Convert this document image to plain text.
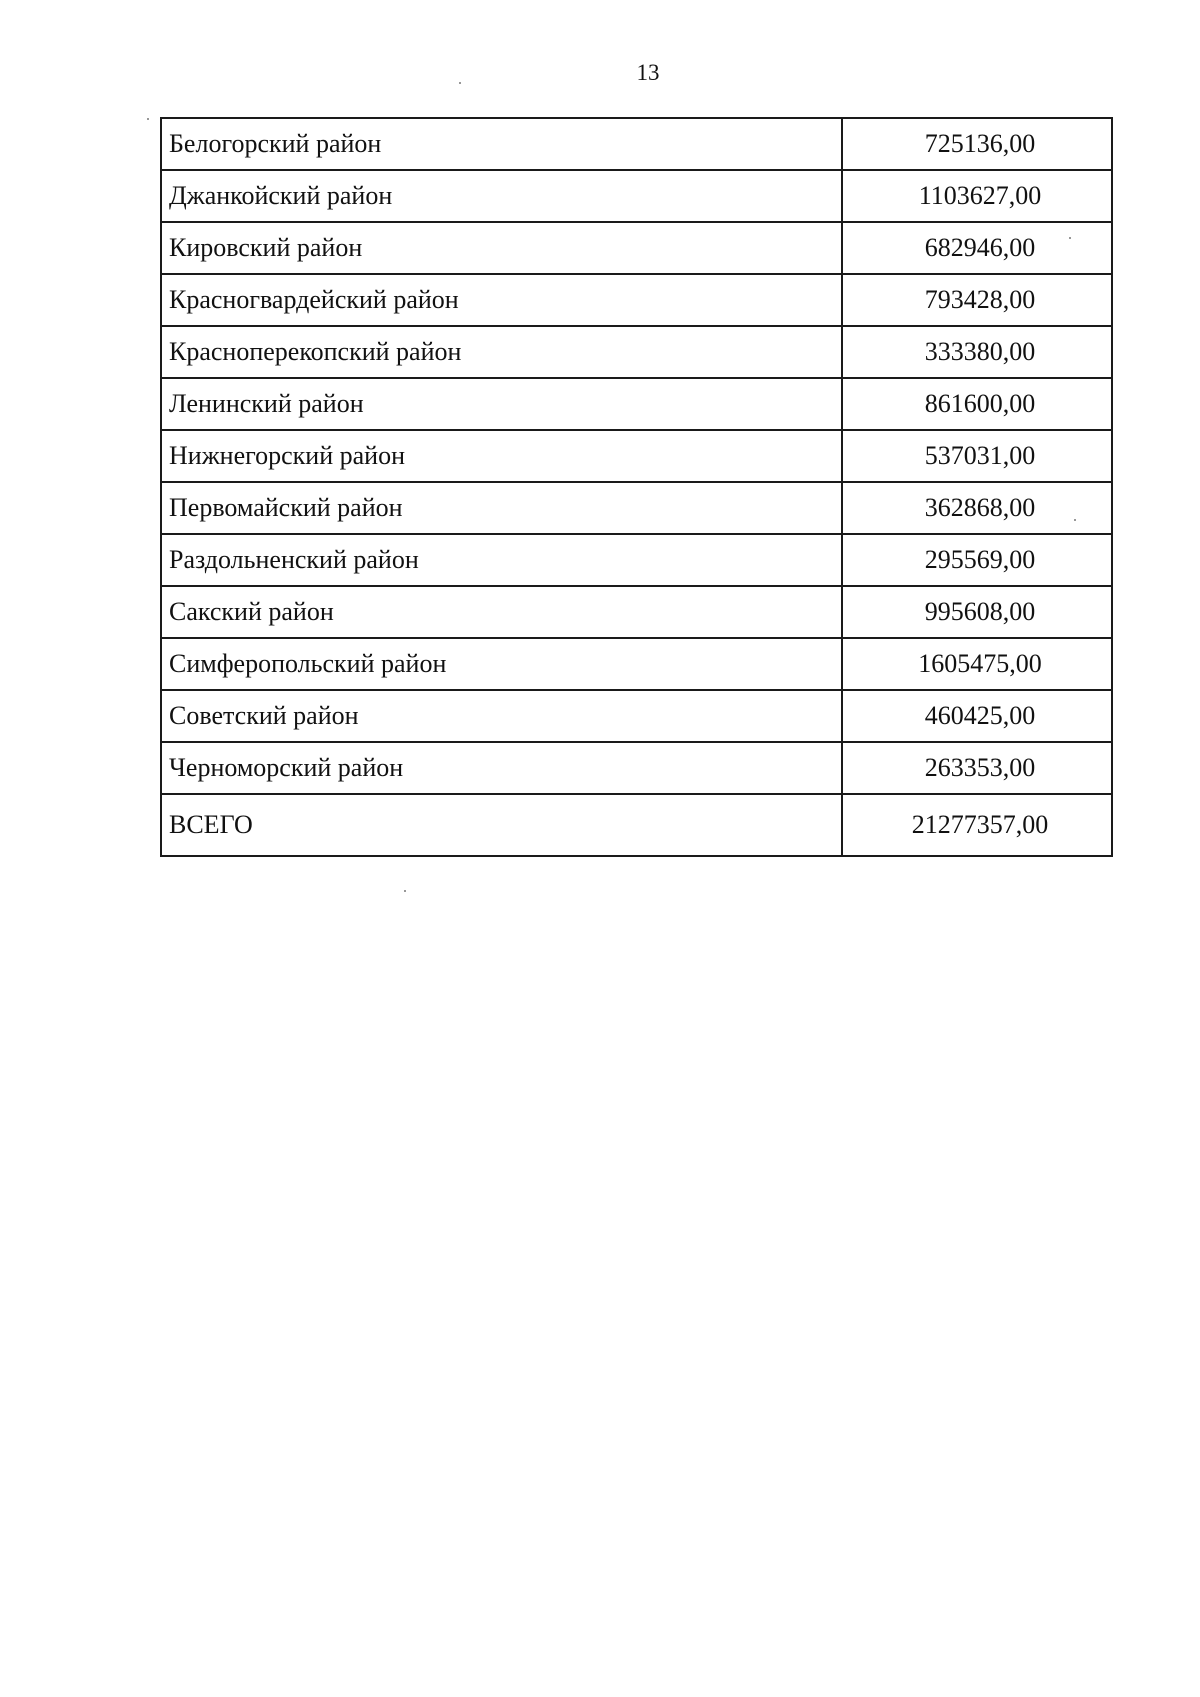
13
Белогорский район	725136,00
Джанкойский район	1103627,00
Кировский район	682946,00
Красногвардейский район	793428,00
Красноперекопский район	333380,00
Ленинский район	861600,00
Нижнегорский район	537031,00
Первомайский район	362868,00
Раздольненский район	295569,00
Сакский район	995608,00
Симферопольский район	1605475,00
Советский район	460425,00
Черноморский район	263353,00
ВСЕГО	21277357,00
